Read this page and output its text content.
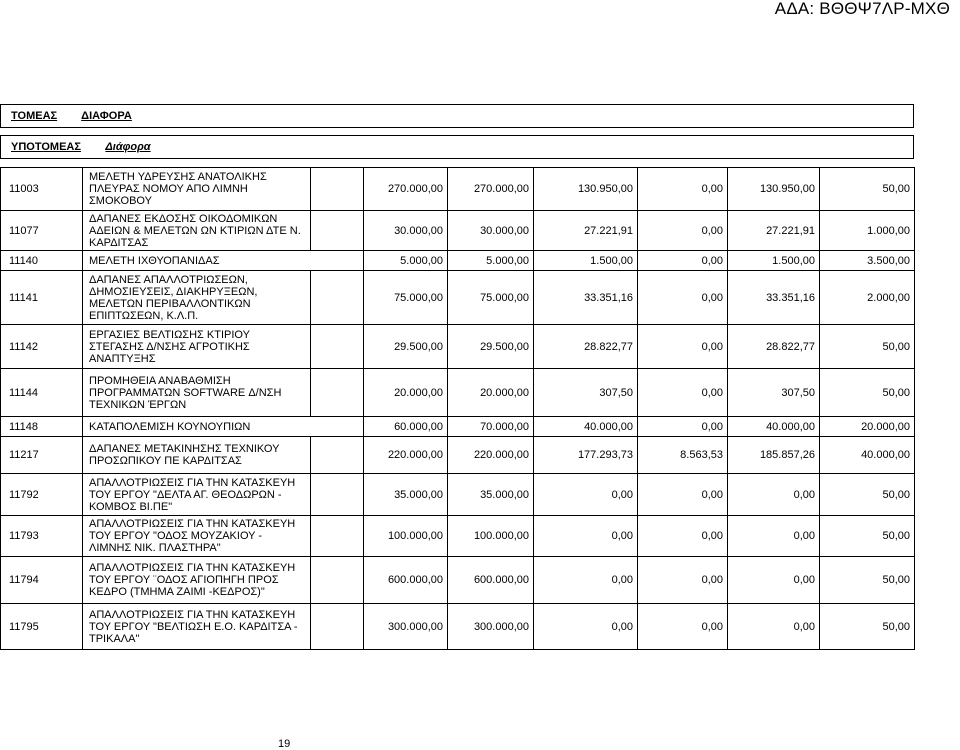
ΑΔΑ: ΒΘΘΨ7ΛΡ-ΜΧΘ
ΤΟΜΕΑΣ ΔΙΑΦΟΡΑ
ΥΠΟΤΟΜΕΑΣ Διάφορα
11003	ΜΕΛΕΤΗ ΥΔΡΕΥΣΗΣ ΑΝΑΤΟΛΙΚΗΣ ΠΛΕΥΡΑΣ ΝΟΜΟΥ ΑΠΟ ΛΙΜΝΗ ΣΜΟΚΟΒΟΥ		270.000,00	270.000,00	130.950,00	0,00	130.950,00	50,00
11077	ΔΑΠΑΝΕΣ ΕΚΔΟΣΗΣ ΟΙΚΟΔΟΜΙΚΩΝ ΑΔΕΙΩΝ & ΜΕΛΕΤΩΝ ΩΝ ΚΤΙΡΙΩΝ ΔΤΕ Ν. ΚΑΡΔΙΤΣΑΣ		30.000,00	30.000,00	27.221,91	0,00	27.221,91	1.000,00
11140	ΜΕΛΕΤΗ ΙΧΘΥΟΠΑΝΙΔΑΣ		5.000,00	5.000,00	1.500,00	0,00	1.500,00	3.500,00
11141	ΔΑΠΑΝΕΣ ΑΠΑΛΛΟΤΡΙΩΣΕΩΝ, ΔΗΜΟΣΙΕΥΣΕΙΣ, ΔΙΑΚΗΡΥΞΕΩΝ, ΜΕΛΕΤΩΝ ΠΕΡΙΒΑΛΛΟΝΤΙΚΩΝ ΕΠΙΠΤΩΣΕΩΝ, Κ.Λ.Π.		75.000,00	75.000,00	33.351,16	0,00	33.351,16	2.000,00
11142	ΕΡΓΑΣΙΕΣ ΒΕΛΤΙΩΣΗΣ ΚΤΙΡΙΟΥ ΣΤΕΓΑΣΗΣ Δ/ΝΣΗΣ ΑΓΡΟΤΙΚΗΣ ΑΝΑΠΤΥΞΗΣ		29.500,00	29.500,00	28.822,77	0,00	28.822,77	50,00
11144	ΠΡΟΜΗΘΕΙΑ ΑΝΑΒΑΘΜΙΣΗ ΠΡΟΓΡΑΜΜΑΤΩΝ SOFTWARE Δ/ΝΣΗ ΤΕΧΝΙΚΩΝ ΈΡΓΩΝ		20.000,00	20.000,00	307,50	0,00	307,50	50,00
11148	ΚΑΤΑΠΟΛΕΜΙΣΗ ΚΟΥΝΟΥΠΙΩΝ		60.000,00	70.000,00	40.000,00	0,00	40.000,00	20.000,00
11217	ΔΑΠΑΝΕΣ ΜΕΤΑΚΙΝΗΣΗΣ ΤΕΧΝΙΚΟΥ ΠΡΟΣΩΠΙΚΟΥ ΠΕ ΚΑΡΔΙΤΣΑΣ		220.000,00	220.000,00	177.293,73	8.563,53	185.857,26	40.000,00
11792	ΑΠΑΛΛΟΤΡΙΩΣΕΙΣ ΓΙΑ ΤΗΝ ΚΑΤΑΣΚΕΥΗ ΤΟΥ ΕΡΓΟΥ "ΔΕΛΤΑ ΑΓ. ΘΕΟΔΩΡΩΝ - ΚΟΜΒΟΣ ΒΙ.ΠΕ"		35.000,00	35.000,00	0,00	0,00	0,00	50,00
11793	ΑΠΑΛΛΟΤΡΙΩΣΕΙΣ ΓΙΑ ΤΗΝ ΚΑΤΑΣΚΕΥΗ ΤΟΥ ΕΡΓΟΥ "ΟΔΟΣ ΜΟΥΖΑΚΙΟΥ - ΛΙΜΝΗΣ ΝΙΚ. ΠΛΑΣΤΗΡΑ"		100.000,00	100.000,00	0,00	0,00	0,00	50,00
11794	ΑΠΑΛΛΟΤΡΙΩΣΕΙΣ ΓΙΑ ΤΗΝ ΚΑΤΑΣΚΕΥΗ ΤΟΥ ΕΡΓΟΥ ¨ΟΔΟΣ ΑΓΙΟΠΗΓΗ ΠΡΟΣ ΚΕΔΡΟ (ΤΜΗΜΑ ΖΑΙΜΙ -ΚΕΔΡΟΣ)"		600.000,00	600.000,00	0,00	0,00	0,00	50,00
11795	ΑΠΑΛΛΟΤΡΙΩΣΕΙΣ ΓΙΑ ΤΗΝ ΚΑΤΑΣΚΕΥΗ ΤΟΥ ΕΡΓΟΥ "ΒΕΛΤΙΩΣΗ Ε.Ο. ΚΑΡΔΙΤΣΑ - ΤΡΙΚΑΛΑ"		300.000,00	300.000,00	0,00	0,00	0,00	50,00
19
